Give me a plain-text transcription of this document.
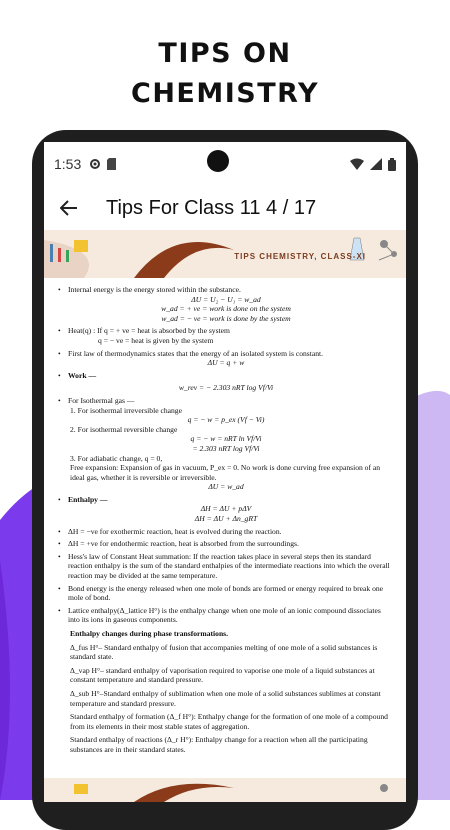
TIPS ON
CHEMISTRY
1:53
Tips For Class 11 4 / 17
TIPS CHEMISTRY, CLASS-XI
• Internal energy is the energy stored within the substance.
ΔU = U₂ − U₁ = w_ad
w_ad = + ve = work is done on the system
w_ad = − ve = work is done by the system
• Heat(q) : If q = + ve = heat is absorbed by the system
q = − ve = heat is given by the system
• First law of thermodynamics states that the energy of an isolated system is constant.
ΔU = q + w
• Work —
w_rev = − 2.303 nRT log Vf/Vi
• For Isothermal gas —
1. For isothermal irreversible change
q = − w = p_ex (Vf − Vi)
2. For isothermal reversible change
q = − w = nRT ln Vf/Vi
= 2.303 nRT log Vf/Vi
3. For adiabatic change, q = 0,
Free expansion: Expansion of gas in vacuum, P_ex = 0. No work is done curving free expansion of an ideal gas, whether it is reversible or irreversible.
ΔU = w_ad
• Enthalpy —
ΔH = ΔU + pΔV
ΔH = ΔU + Δn_gRT
• ΔH = −ve for exothermic reaction, heat is evolved during the reaction.
• ΔH = +ve for endothermic reaction, heat is absorbed from the surroundings.
• Hess's law of Constant Heat summation: If the reaction takes place in several steps then its standard reaction enthalpy is the sum of the standard enthalpies of the intermediate reactions into which the overall reaction may be divided at the same temperature.
• Bond energy is the energy released when one mole of bonds are formed or energy required to break one mole of bond.
• Lattice enthalpy(Δ_lattice H°) is the enthalpy change when one mole of an ionic compound dissociates into its ions in gaseous components.
Enthalpy changes during phase transformations.
Δ_fus H°– Standard enthalpy of fusion that accompanies melting of one mole of a solid substances is standard state.
Δ_vap H°– standard enthalpy of vaporisation required to vaporise one mole of a liquid substances at constant temperature and standard pressure.
Δ_sub H°–Standard enthalpy of sublimation when one mole of a solid substances sublimes at constant temperature and standard pressure.
Standard enthalpy of formation (Δ_f H°): Enthalpy change for the formation of one mole of a compound from its elements in their most stable states of aggregation.
Standard enthalpy of reactions (Δ_r H°): Enthalpy change for a reaction when all the participating substances are in their standard states.
